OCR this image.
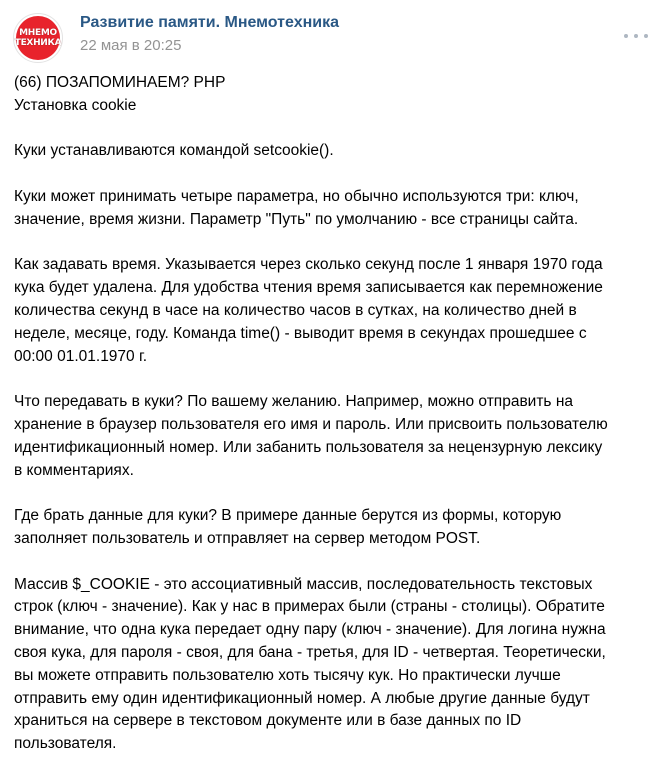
МНЕМО
ТЕХНИКА
Развитие памяти. Мнемотехника
22 мая в 20:25

(66) ПОЗАПОМИНАЕМ? PHP

Установка cookie

Куки устанавливаются командой setcookie().

Куки может принимать четыре параметра, но обычно используются три: ключ,

значение, время жизни. Параметр "Путь" по умолчанию - все страницы сайта.

Как задавать время. Указывается через сколько секунд после 1 января 1970 года

кука будет удалена. Для удобства чтения время записывается как перемножение

количества секунд в часе на количество часов в сутках, на количество дней в

неделе, месяце, году. Команда time() - выводит время в секундах прошедшее с

00:00 01.01.1970 г.

Что передавать в куки? По вашему желанию. Например, можно отправить на

хранение в браузер пользователя его имя и пароль. Или присвоить пользователю

идентификационный номер. Или забанить пользователя за нецензурную лексику

в комментариях.

Где брать данные для куки? В примере данные берутся из формы, которую

заполняет пользователь и отправляет на сервер методом POST.

Массив $_COOKIE - это ассоциативный массив, последовательность текстовых

строк (ключ - значение). Как у нас в примерах были (страны - столицы). Обратите

внимание, что одна кука передает одну пару (ключ - значение). Для логина нужна

своя кука, для пароля - своя, для бана - третья, для ID - четвертая. Теоретически,

вы можете отправить пользователю хоть тысячу кук. Но практически лучше

отправить ему один идентификационный номер. А любые другие данные будут

храниться на сервере в текстовом документе или в базе данных по ID

пользователя.
